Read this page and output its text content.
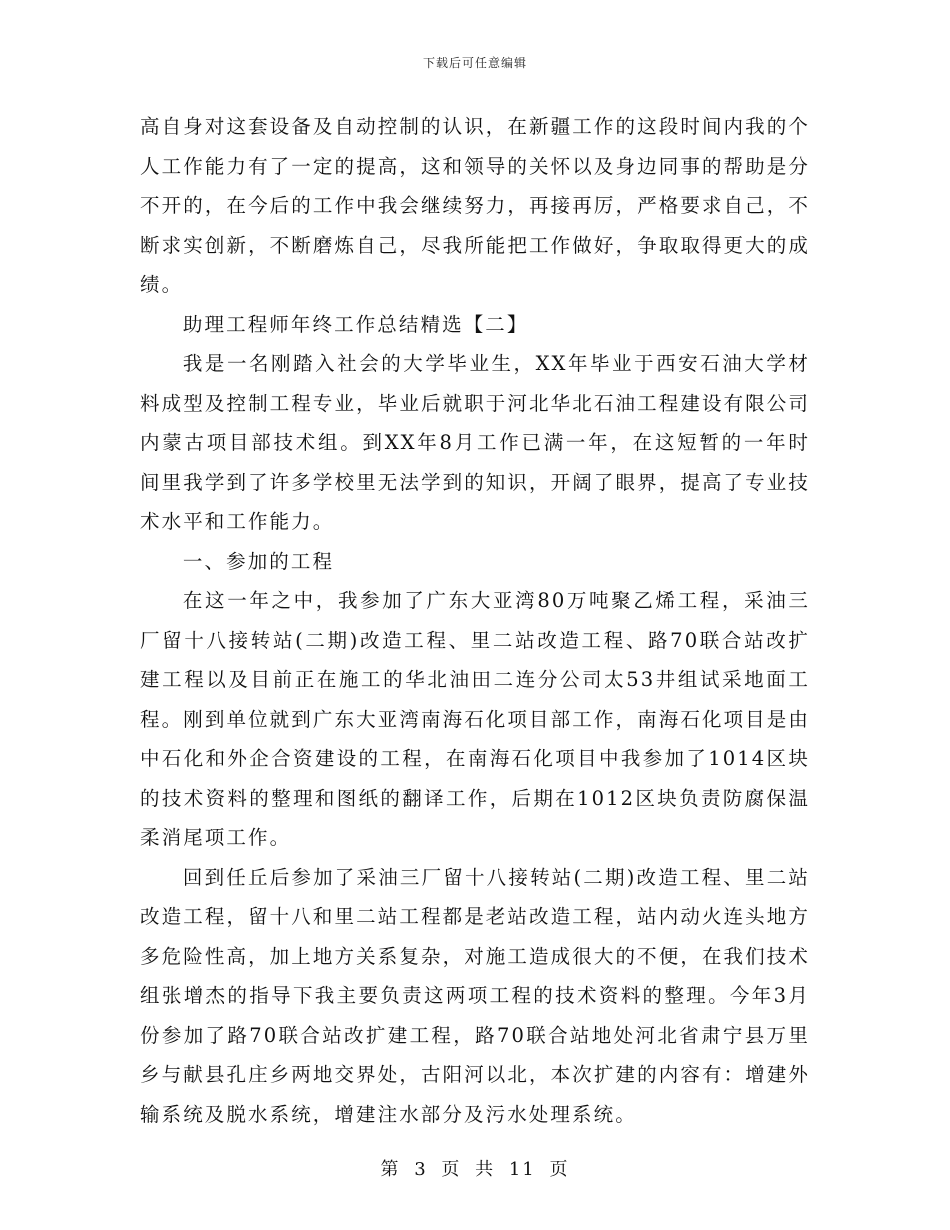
下载后可任意编辑

高自身对这套设备及自动控制的认识，在新疆工作的这段时间内我的个人工作能力有了一定的提高，这和领导的关怀以及身边同事的帮助是分不开的，在今后的工作中我会继续努力，再接再厉，严格要求自己，不断求实创新，不断磨炼自己，尽我所能把工作做好，争取取得更大的成绩。

助理工程师年终工作总结精选【二】

我是一名刚踏入社会的大学毕业生，XX年毕业于西安石油大学材料成型及控制工程专业，毕业后就职于河北华北石油工程建设有限公司内蒙古项目部技术组。到XX年8月工作已满一年，在这短暂的一年时间里我学到了许多学校里无法学到的知识，开阔了眼界，提高了专业技术水平和工作能力。

一、参加的工程

在这一年之中，我参加了广东大亚湾80万吨聚乙烯工程，采油三厂留十八接转站(二期)改造工程、里二站改造工程、路70联合站改扩建工程以及目前正在施工的华北油田二连分公司太53井组试采地面工程。刚到单位就到广东大亚湾南海石化项目部工作，南海石化项目是由中石化和外企合资建设的工程，在南海石化项目中我参加了1014区块的技术资料的整理和图纸的翻译工作，后期在1012区块负责防腐保温柔消尾项工作。

回到任丘后参加了采油三厂留十八接转站(二期)改造工程、里二站改造工程，留十八和里二站工程都是老站改造工程，站内动火连头地方多危险性高，加上地方关系复杂，对施工造成很大的不便，在我们技术组张增杰的指导下我主要负责这两项工程的技术资料的整理。今年3月份参加了路70联合站改扩建工程，路70联合站地处河北省肃宁县万里乡与献县孔庄乡两地交界处，古阳河以北，本次扩建的内容有：增建外输系统及脱水系统，增建注水部分及污水处理系统。

第 3 页 共 11 页
